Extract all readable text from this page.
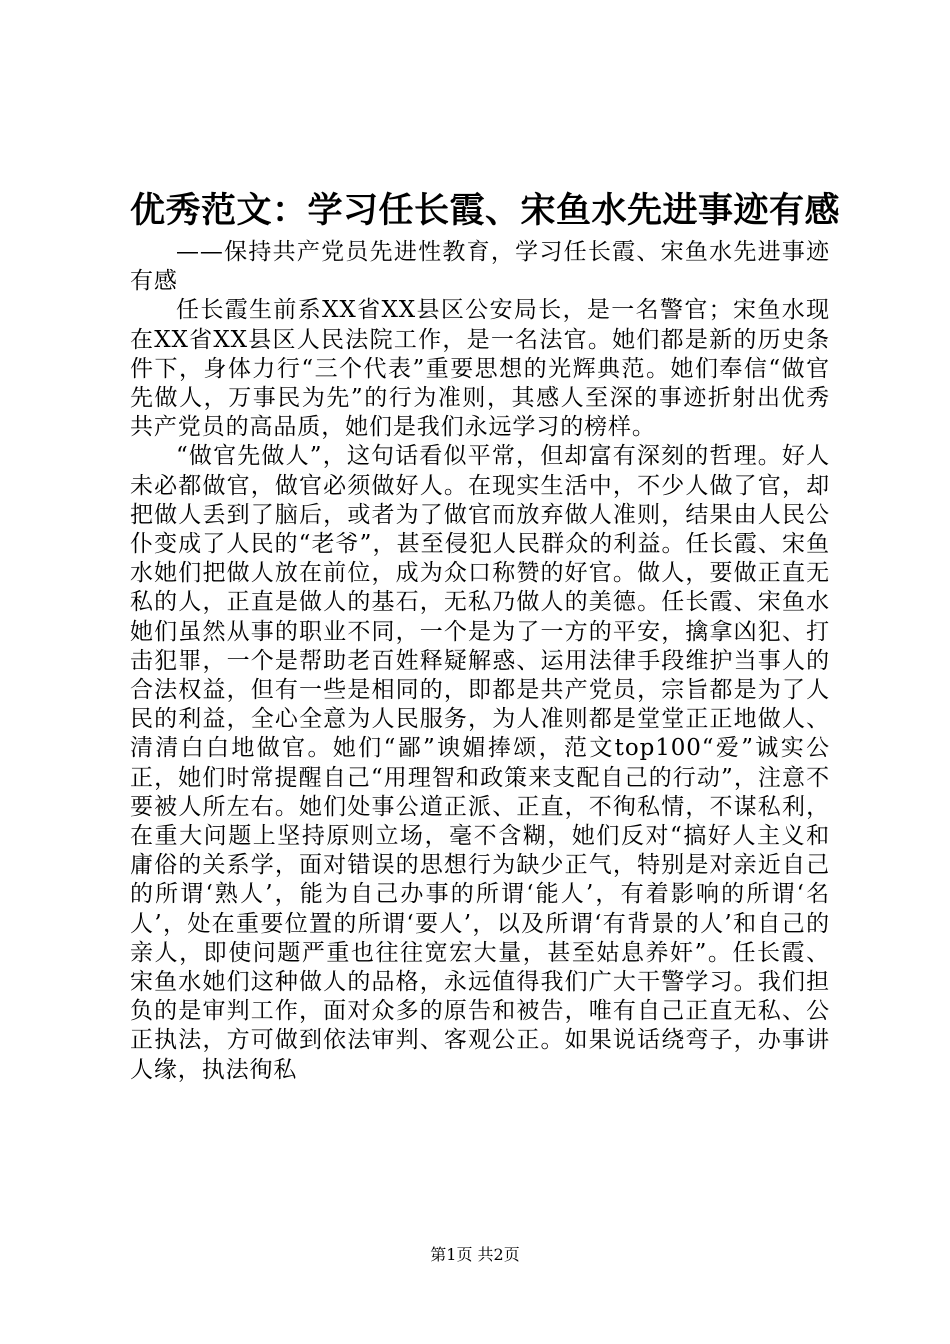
优秀范文：学习任长霞、宋鱼水先进事迹有感

——保持共产党员先进性教育，学习任长霞、宋鱼水先进事迹有感

任长霞生前系XX省XX县区公安局长，是一名警官；宋鱼水现在XX省XX县区人民法院工作，是一名法官。她们都是新的历史条件下，身体力行“三个代表”重要思想的光辉典范。她们奉信“做官先做人，万事民为先”的行为准则，其感人至深的事迹折射出优秀共产党员的高品质，她们是我们永远学习的榜样。

“做官先做人”，这句话看似平常，但却富有深刻的哲理。好人未必都做官，做官必须做好人。在现实生活中，不少人做了官，却把做人丢到了脑后，或者为了做官而放弃做人准则，结果由人民公仆变成了人民的“老爷”，甚至侵犯人民群众的利益。任长霞、宋鱼水她们把做人放在前位，成为众口称赞的好官。做人，要做正直无私的人，正直是做人的基石，无私乃做人的美德。任长霞、宋鱼水她们虽然从事的职业不同，一个是为了一方的平安，擒拿凶犯、打击犯罪，一个是帮助老百姓释疑解惑、运用法律手段维护当事人的合法权益，但有一些是相同的，即都是共产党员，宗旨都是为了人民的利益，全心全意为人民服务，为人准则都是堂堂正正地做人、清清白白地做官。她们“鄙”谀媚捧颂，范文top100“爱”诚实公正，她们时常提醒自己“用理智和政策来支配自己的行动”，注意不要被人所左右。她们处事公道正派、正直，不徇私情，不谋私利，在重大问题上坚持原则立场，毫不含糊，她们反对“搞好人主义和庸俗的关系学，面对错误的思想行为缺少正气，特别是对亲近自己的所谓‘熟人’，能为自己办事的所谓‘能人’，有着影响的所谓‘名人’，处在重要位置的所谓‘要人’，以及所谓‘有背景的人’和自己的亲人，即使问题严重也往往宽宏大量，甚至姑息养奸”。任长霞、宋鱼水她们这种做人的品格，永远值得我们广大干警学习。我们担负的是审判工作，面对众多的原告和被告，唯有自己正直无私、公正执法，方可做到依法审判、客观公正。如果说话绕弯子，办事讲人缘，执法徇私

第1页 共2页
